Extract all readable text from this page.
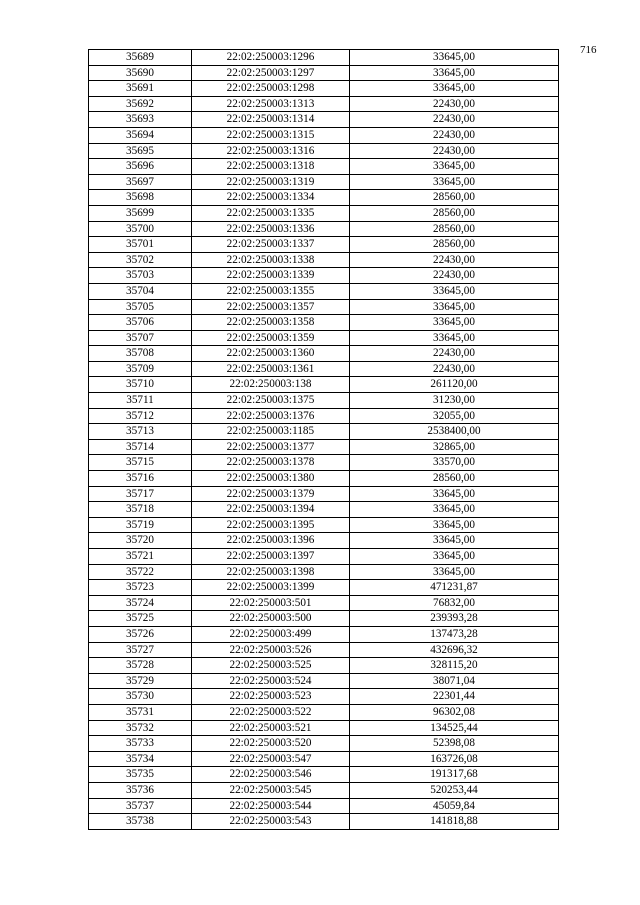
716
35689	22:02:250003:1296	33645,00
35690	22:02:250003:1297	33645,00
35691	22:02:250003:1298	33645,00
35692	22:02:250003:1313	22430,00
35693	22:02:250003:1314	22430,00
35694	22:02:250003:1315	22430,00
35695	22:02:250003:1316	22430,00
35696	22:02:250003:1318	33645,00
35697	22:02:250003:1319	33645,00
35698	22:02:250003:1334	28560,00
35699	22:02:250003:1335	28560,00
35700	22:02:250003:1336	28560,00
35701	22:02:250003:1337	28560,00
35702	22:02:250003:1338	22430,00
35703	22:02:250003:1339	22430,00
35704	22:02:250003:1355	33645,00
35705	22:02:250003:1357	33645,00
35706	22:02:250003:1358	33645,00
35707	22:02:250003:1359	33645,00
35708	22:02:250003:1360	22430,00
35709	22:02:250003:1361	22430,00
35710	22:02:250003:138	261120,00
35711	22:02:250003:1375	31230,00
35712	22:02:250003:1376	32055,00
35713	22:02:250003:1185	2538400,00
35714	22:02:250003:1377	32865,00
35715	22:02:250003:1378	33570,00
35716	22:02:250003:1380	28560,00
35717	22:02:250003:1379	33645,00
35718	22:02:250003:1394	33645,00
35719	22:02:250003:1395	33645,00
35720	22:02:250003:1396	33645,00
35721	22:02:250003:1397	33645,00
35722	22:02:250003:1398	33645,00
35723	22:02:250003:1399	471231,87
35724	22:02:250003:501	76832,00
35725	22:02:250003:500	239393,28
35726	22:02:250003:499	137473,28
35727	22:02:250003:526	432696,32
35728	22:02:250003:525	328115,20
35729	22:02:250003:524	38071,04
35730	22:02:250003:523	22301,44
35731	22:02:250003:522	96302,08
35732	22:02:250003:521	134525,44
35733	22:02:250003:520	52398,08
35734	22:02:250003:547	163726,08
35735	22:02:250003:546	191317,68
35736	22:02:250003:545	520253,44
35737	22:02:250003:544	45059,84
35738	22:02:250003:543	141818,88
